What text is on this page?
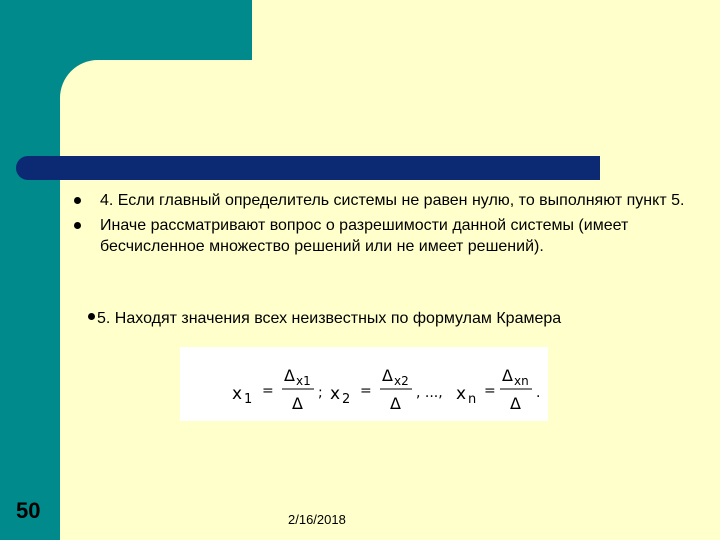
4. Если главный определитель системы не равен нулю, то выполняют пункт 5.
Иначе рассматривают вопрос о разрешимости данной системы (имеет бесчисленное множество решений или не имеет решений).
5. Находят значения всех неизвестных по формулам Крамера
x 1
=
Δ x1
Δ
; x 2
=
Δ x2
Δ
, ..., x n
=
Δ xn
Δ
.
50	2/16/2018
